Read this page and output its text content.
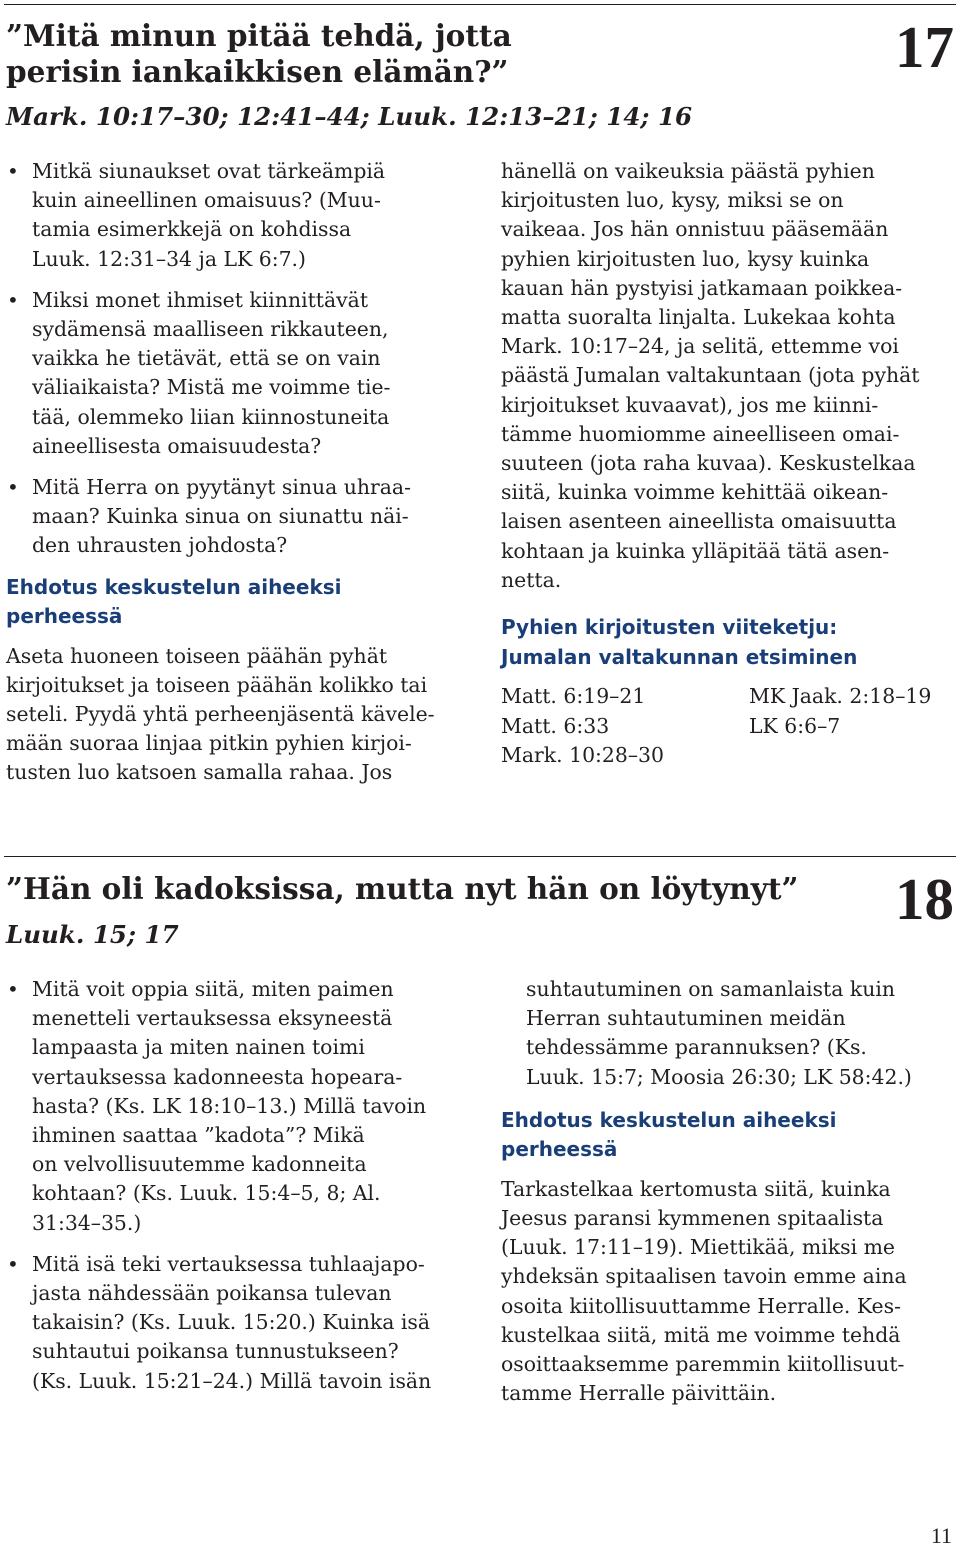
”Mitä minun pitää tehdä, jotta
perisin iankaikkisen elämän?”	17
Mark. 10:17–30; 12:41–44; Luuk. 12:13–21; 14; 16
• Mitkä siunaukset ovat tärkeämpiä
kuin aineellinen omaisuus? (Muu-
tamia esimerkkejä on kohdissa
Luuk. 12:31–34 ja LK 6:7.)
• Miksi monet ihmiset kiinnittävät
sydämensä maalliseen rikkauteen,
vaikka he tietävät, että se on vain
väliaikaista? Mistä me voimme tie-
tää, olemmeko liian kiinnostuneita
aineellisesta omaisuudesta?
• Mitä Herra on pyytänyt sinua uhraa-
maan? Kuinka sinua on siunattu näi-
den uhrausten johdosta?

Ehdotus keskustelun aiheeksi
perheessä

Aseta huoneen toiseen päähän pyhät
kirjoitukset ja toiseen päähän kolikko tai
seteli. Pyydä yhtä perheenjäsentä kävele-
mään suoraa linjaa pitkin pyhien kirjoi-
tusten luo katsoen samalla rahaa. Jos

hänellä on vaikeuksia päästä pyhien
kirjoitusten luo, kysy, miksi se on
vaikeaa. Jos hän onnistuu pääsemään
pyhien kirjoitusten luo, kysy kuinka
kauan hän pystyisi jatkamaan poikkea-
matta suoralta linjalta. Lukekaa kohta
Mark. 10:17–24, ja selitä, ettemme voi
päästä Jumalan valtakuntaan (jota pyhät
kirjoitukset kuvaavat), jos me kiinni-
tämme huomiomme aineelliseen omai-
suuteen (jota raha kuvaa). Keskustelkaa
siitä, kuinka voimme kehittää oikean-
laisen asenteen aineellista omaisuutta
kohtaan ja kuinka ylläpitää tätä asen-
netta.

Pyhien kirjoitusten viiteketju:
Jumalan valtakunnan etsiminen

Matt. 6:19–21	MK Jaak. 2:18–19
Matt. 6:33	LK 6:6–7
Mark. 10:28–30
”Hän oli kadoksissa, mutta nyt hän on löytynyt” 18
Luuk. 15; 17
• Mitä voit oppia siitä, miten paimen
menetteli vertauksessa eksyneestä
lampaasta ja miten nainen toimi
vertauksessa kadonneesta hopeara-
hasta? (Ks. LK 18:10–13.) Millä tavoin
ihminen saattaa ”kadota”? Mikä
on velvollisuutemme kadonneita
kohtaan? (Ks. Luuk. 15:4–5, 8; Al.
31:34–35.)
• Mitä isä teki vertauksessa tuhlaajapo-
jasta nähdessään poikansa tulevan
takaisin? (Ks. Luuk. 15:20.) Kuinka isä
suhtautui poikansa tunnustukseen?
(Ks. Luuk. 15:21–24.) Millä tavoin isän

suhtautuminen on samanlaista kuin
Herran suhtautuminen meidän
tehdessämme parannuksen? (Ks.
Luuk. 15:7; Moosia 26:30; LK 58:42.)

Ehdotus keskustelun aiheeksi
perheessä

Tarkastelkaa kertomusta siitä, kuinka
Jeesus paransi kymmenen spitaalista
(Luuk. 17:11–19). Miettikää, miksi me
yhdeksän spitaalisen tavoin emme aina
osoita kiitollisuuttamme Herralle. Kes-
kustelkaa siitä, mitä me voimme tehdä
osoittaaksemme paremmin kiitollisuut-
tamme Herralle päivittäin.

11
